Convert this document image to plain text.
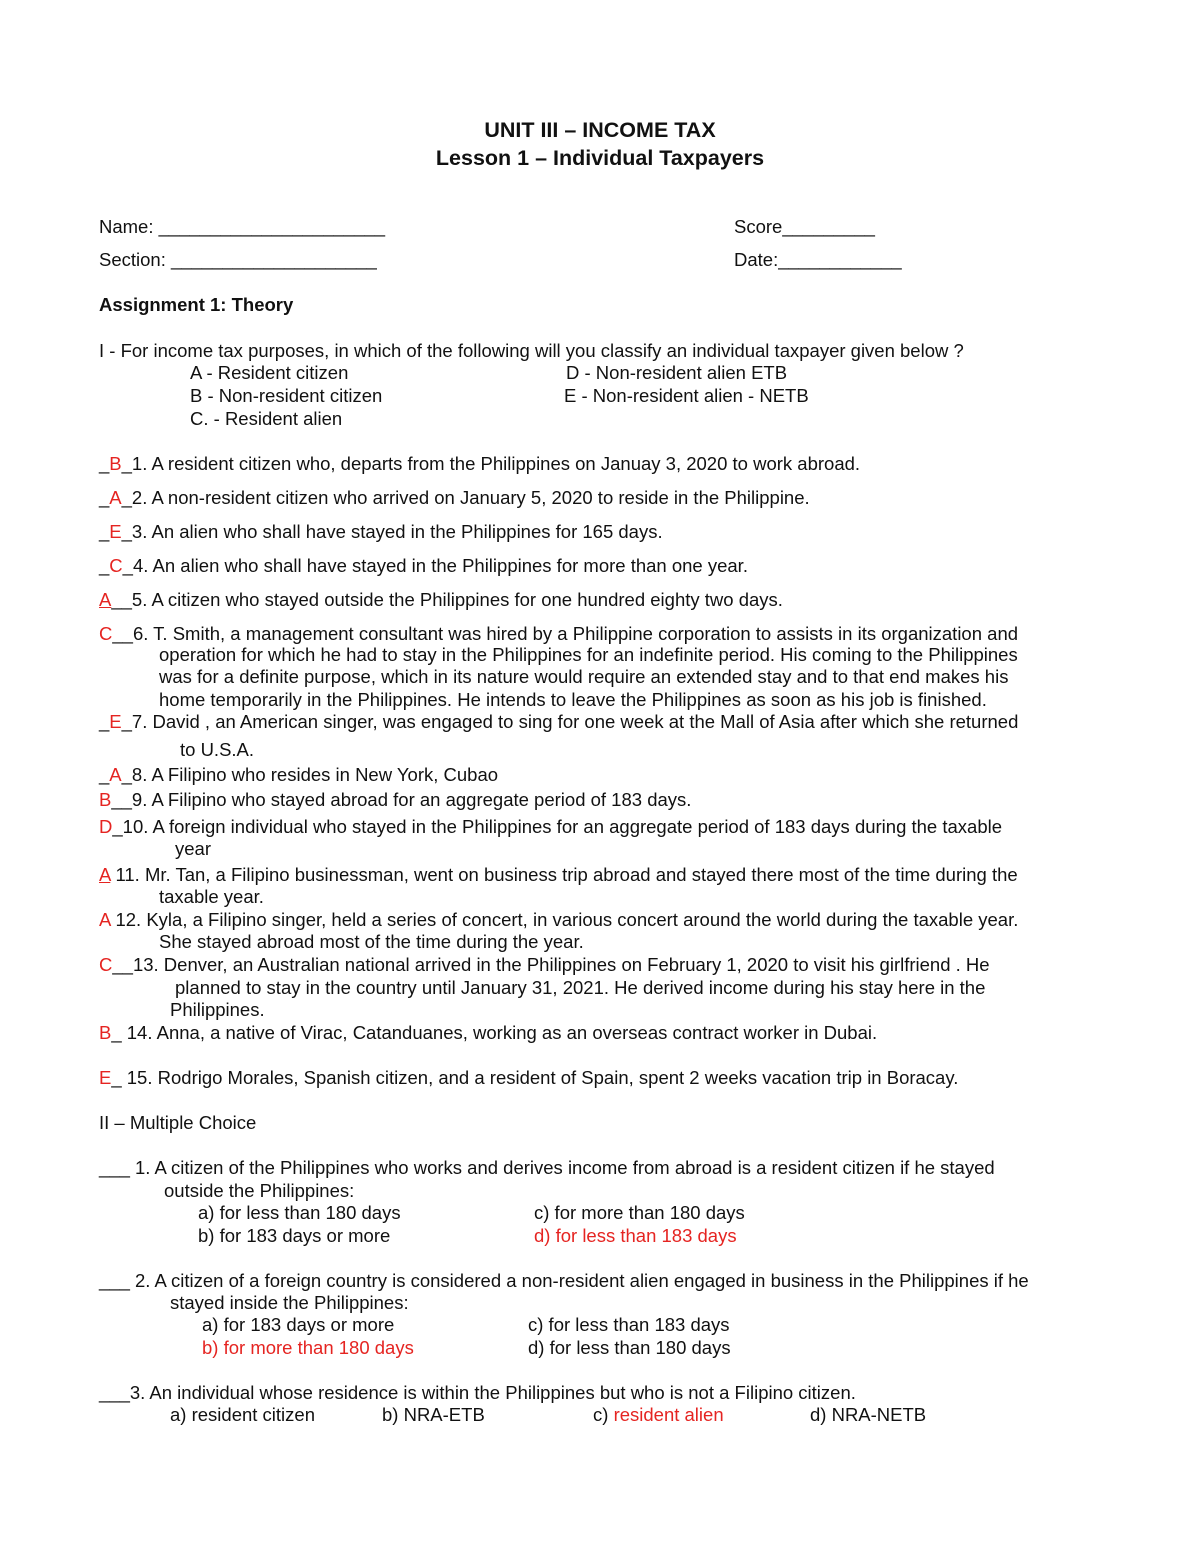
UNIT III – INCOME TAX
Lesson 1 – Individual Taxpayers
Name: ______________________	Score_________
Section: ____________________	Date:____________
Assignment 1: Theory
I - For income tax purposes, in which of the following will you classify an individual taxpayer given below ?
A - Resident citizen
B - Non-resident citizen
C. - Resident alien
D - Non-resident alien ETB
E - Non-resident alien - NETB
_B_1. A resident citizen who, departs from the Philippines on Januay 3, 2020 to work abroad.
_A_2. A non-resident citizen who arrived on January 5, 2020 to reside in the Philippine.
_E_3. An alien who shall have stayed in the Philippines for 165 days.
_C_4. An alien who shall have stayed in the Philippines for more than one year.
A__5. A citizen who stayed outside the Philippines for one hundred eighty two days.
C__6. T. Smith, a management consultant was hired by a Philippine corporation to assists in its organization and
operation for which he had to stay in the Philippines for an indefinite period. His coming to the Philippines
was for a definite purpose, which in its nature would require an extended stay and to that end makes his
home temporarily in the Philippines. He intends to leave the Philippines as soon as his job is finished.
_E_7. David , an American singer, was engaged to sing for one week at the Mall of Asia after which she returned
to U.S.A.
_A_8. A Filipino who resides in New York, Cubao
B__9. A Filipino who stayed abroad for an aggregate period of 183 days.
D_10. A foreign individual who stayed in the Philippines for an aggregate period of 183 days during the taxable
year
A 11. Mr. Tan, a Filipino businessman, went on business trip abroad and stayed there most of the time during the
taxable year.
A 12. Kyla, a Filipino singer, held a series of concert, in various concert around the world during the taxable year.
She stayed abroad most of the time during the year.
C__13. Denver, an Australian national arrived in the Philippines on February 1, 2020 to visit his girlfriend . He
planned to stay in the country until January 31, 2021. He derived income during his stay here in the
Philippines.
B_ 14. Anna, a native of Virac, Catanduanes, working as an overseas contract worker in Dubai.
E_ 15. Rodrigo Morales, Spanish citizen, and a resident of Spain, spent 2 weeks vacation trip in Boracay.
II – Multiple Choice
___ 1. A citizen of the Philippines who works and derives income from abroad is a resident citizen if he stayed
outside the Philippines:
a) for less than 180 days
b) for 183 days or more
c) for more than 180 days
d) for less than 183 days
___ 2. A citizen of a foreign country is considered a non-resident alien engaged in business in the Philippines if he
stayed inside the Philippines:
a) for 183 days or more
b) for more than 180 days
c) for less than 183 days
d) for less than 180 days
___3. An individual whose residence is within the Philippines but who is not a Filipino citizen.
a) resident citizen	b) NRA-ETB	c) resident alien	d) NRA-NETB
